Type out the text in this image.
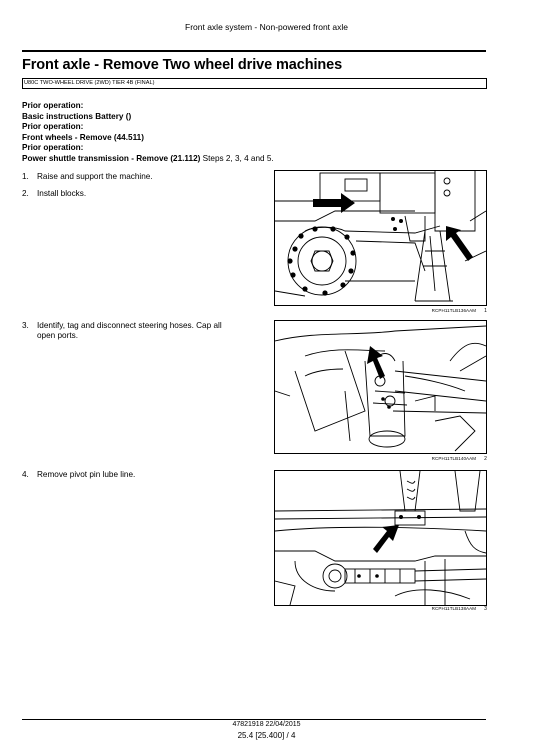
Front axle system - Non-powered front axle
Front axle - Remove Two wheel drive machines
U80C TWO-WHEEL DRIVE (2WD) TIER 4B (FINAL)
Prior operation:
Basic instructions Battery ()
Prior operation:
Front wheels - Remove (44.511)
Prior operation:
Power shuttle transmission - Remove (21.112) Steps 2, 3, 4 and 5.
1. Raise and support the machine.
2. Install blocks.
3. Identify, tag and disconnect steering hoses. Cap all
open ports.
4. Remove pivot pin lube line.
RCPH11TLB136AAM 1
RCPH11TLB140AAM 2
RCPH11TLB138AAM 3
47821918 22/04/2015
25.4 [25.400] / 4
